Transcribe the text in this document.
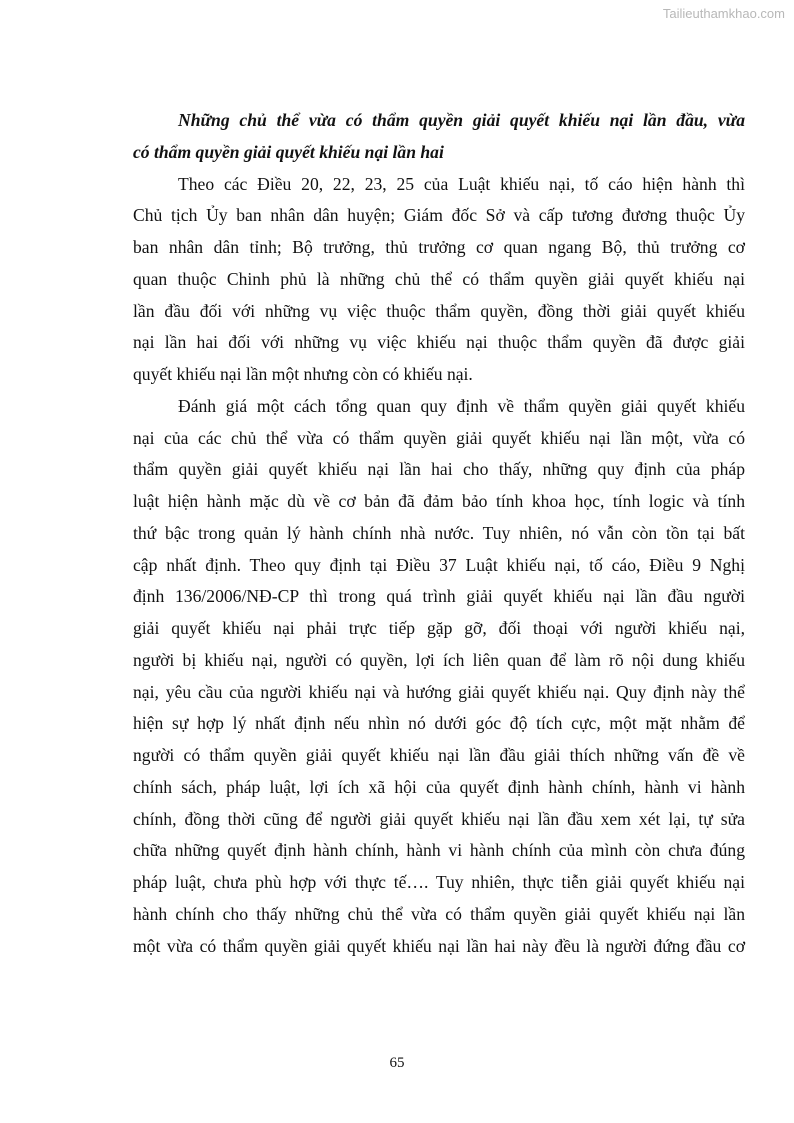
Tailieuthamkhao.com
Những chủ thể vừa có thẩm quyền giải quyết khiếu nại lần đầu, vừa
có thẩm quyền giải quyết khiếu nại lần hai
Theo các Điều 20, 22, 23, 25 của Luật khiếu nại, tố cáo hiện hành thì
Chủ tịch Ủy ban nhân dân huyện; Giám đốc Sở và cấp tương đương thuộc Ủy
ban nhân dân tỉnh; Bộ trưởng, thủ trưởng cơ quan ngang Bộ, thủ trưởng cơ
quan thuộc Chinh phủ là những chủ thể có thẩm quyền giải quyết khiếu nại
lần đầu đối với những vụ việc thuộc thẩm quyền, đồng thời giải quyết khiếu
nại lần hai đối với những vụ việc khiếu nại thuộc thẩm quyền đã được giải
quyết khiếu nại lần một nhưng còn có khiếu nại.
Đánh giá một cách tổng quan quy định về thẩm quyền giải quyết khiếu
nại của các chủ thể vừa có thẩm quyền giải quyết khiếu nại lần một, vừa có
thẩm quyền giải quyết khiếu nại lần hai cho thấy, những quy định của pháp
luật hiện hành mặc dù về cơ bản đã đảm bảo tính khoa học, tính logic và tính
thứ bậc trong quản lý hành chính nhà nước. Tuy nhiên, nó vẫn còn tồn tại bất
cập nhất định. Theo quy định tại Điều 37 Luật khiếu nại, tố cáo, Điều 9 Nghị
định 136/2006/NĐ-CP thì trong quá trình giải quyết khiếu nại lần đầu người
giải quyết khiếu nại phải trực tiếp gặp gỡ, đối thoại với người khiếu nại,
người bị khiếu nại, người có quyền, lợi ích liên quan để làm rõ nội dung khiếu
nại, yêu cầu của người khiếu nại và hướng giải quyết khiếu nại. Quy định này thể
hiện sự hợp lý nhất định nếu nhìn nó dưới góc độ tích cực, một mặt nhằm để
người có thẩm quyền giải quyết khiếu nại lần đầu giải thích những vấn đề về
chính sách, pháp luật, lợi ích xã hội của quyết định hành chính, hành vi hành
chính, đồng thời cũng để người giải quyết khiếu nại lần đầu xem xét lại, tự sửa
chữa những quyết định hành chính, hành vi hành chính của mình còn chưa đúng
pháp luật, chưa phù hợp với thực tế…. Tuy nhiên, thực tiễn giải quyết khiếu nại
hành chính cho thấy những chủ thể vừa có thẩm quyền giải quyết khiếu nại lần
một vừa có thẩm quyền giải quyết khiếu nại lần hai này đều là người đứng đầu cơ
65
